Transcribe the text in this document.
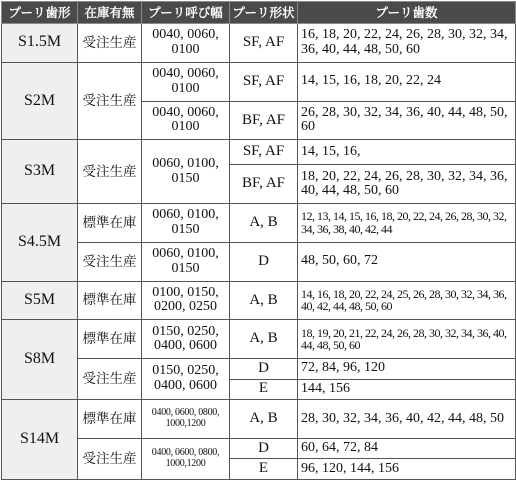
プーリ歯形	在庫有無	プーリ呼び幅	プーリ形状	プーリ歯数
S1.5M	受注生産	0040, 0060, 0100	SF, AF	16, 18, 20, 22, 24, 26, 28, 30, 32, 34, 36, 40, 44, 48, 50, 60
S2M	受注生産	0040, 0060, 0100	SF, AF	14, 15, 16, 18, 20, 22, 24
		0040, 0060, 0100	BF, AF	26, 28, 30, 32, 34, 36, 40, 44, 48, 50, 60
S3M	受注生産	0060, 0100, 0150	SF, AF	14, 15, 16,
			BF, AF	18, 20, 22, 24, 26, 28, 30, 32, 34, 36, 40, 44, 48, 50, 60
S4.5M	標準在庫	0060, 0100, 0150	A, B	12, 13, 14, 15, 16, 18, 20, 22, 24, 26, 28, 30, 32, 34, 36, 38, 40, 42, 44
	受注生産	0060, 0100, 0150	D	48, 50, 60, 72
S5M	標準在庫	0100, 0150, 0200, 0250	A, B	14, 16, 18, 20, 22, 24, 25, 26, 28, 30, 32, 34, 36, 40, 42, 44, 48, 50, 60
S8M	標準在庫	0150, 0250, 0400, 0600	A, B	18, 19, 20, 21, 22, 24, 26, 28, 30, 32, 34, 36, 40, 44, 48, 50, 60
	受注生産	0150, 0250, 0400, 0600	D	72, 84, 96, 120
			E	144, 156
S14M	標準在庫	0400, 0600, 0800, 1000,1200	A, B	28, 30, 32, 34, 36, 40, 42, 44, 48, 50
	受注生産	0400, 0600, 0800, 1000,1200	D	60, 64, 72, 84
			E	96, 120, 144, 156
